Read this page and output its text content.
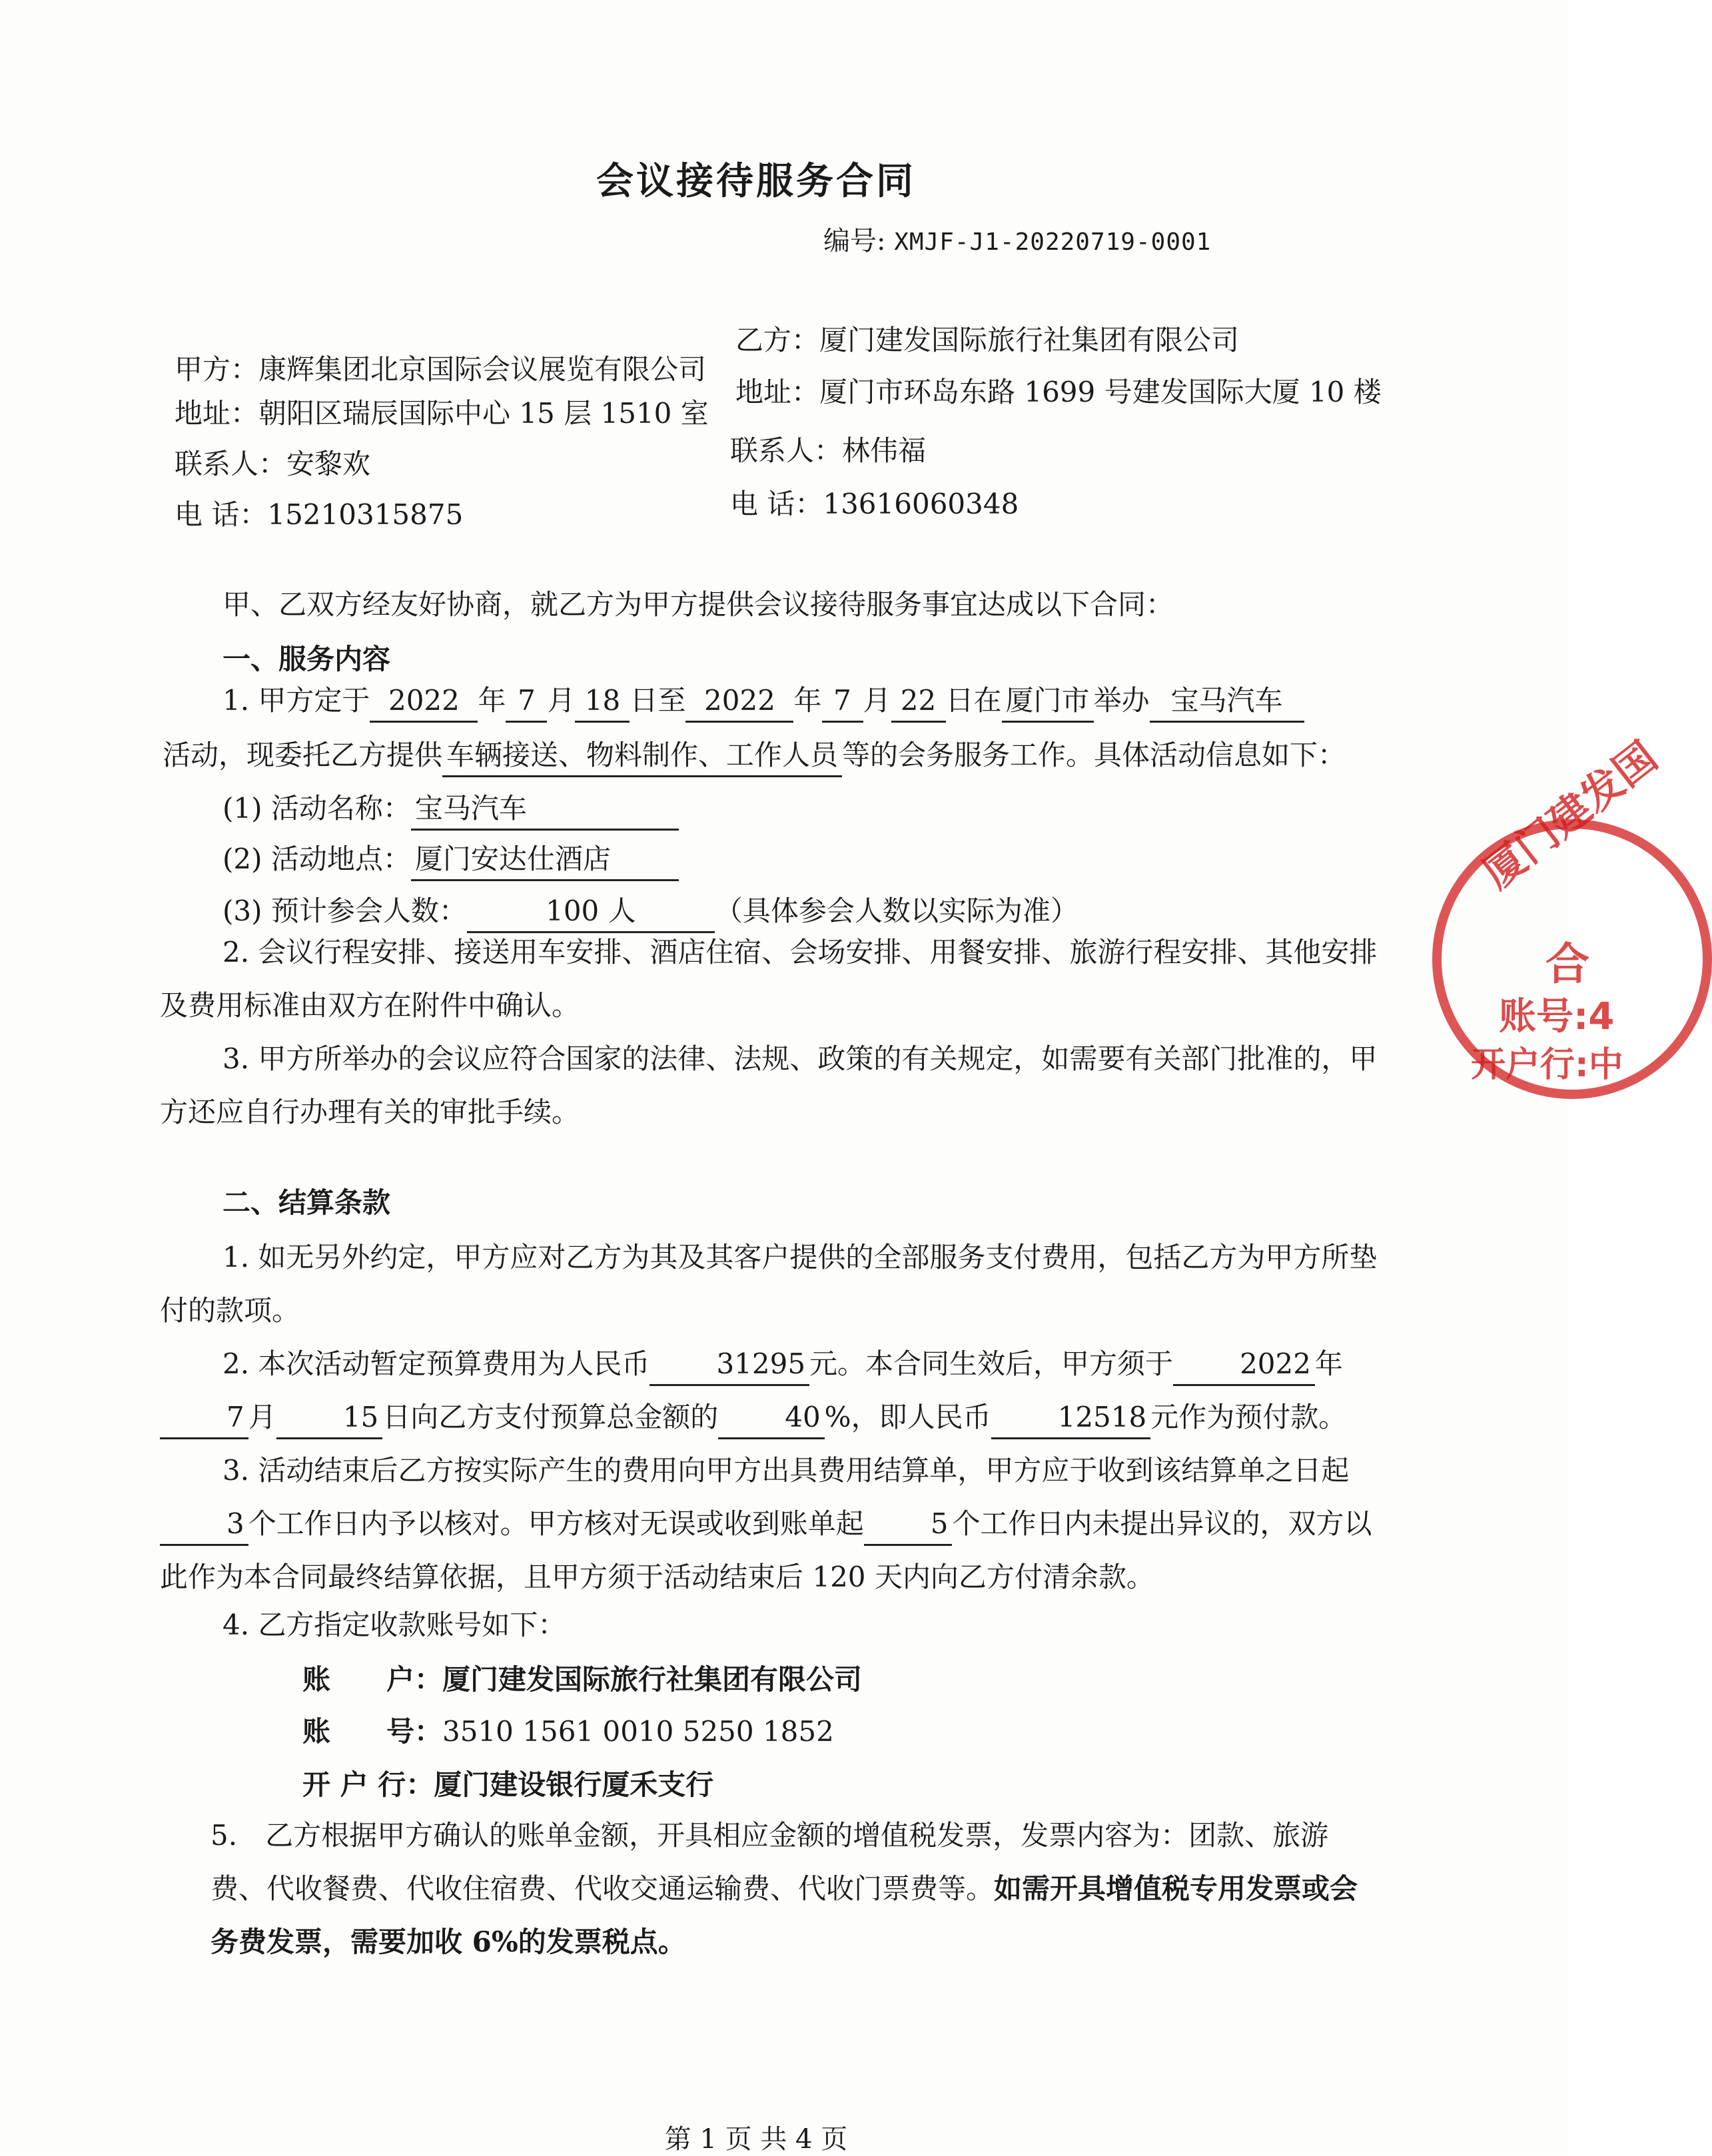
会议接待服务合同
编号: XMJF-J1-20220719-0001
甲方：康辉集团北京国际会议展览有限公司
地址：朝阳区瑞辰国际中心 15 层 1510 室
联系人：安黎欢
电 话：15210315875
乙方：厦门建发国际旅行社集团有限公司
地址：厦门市环岛东路 1699 号建发国际大厦 10 楼
联系人：林伟福
电 话：13616060348
甲、乙双方经友好协商，就乙方为甲方提供会议接待服务事宜达成以下合同：
一、服务内容
1. 甲方定于 2022 年 7 月 18 日至 2022 年 7 月 22 日在 厦门市 举办 宝马汽车
活动，现委托乙方提供 车辆接送、物料制作、工作人员 等的会务服务工作。具体活动信息如下：
(1) 活动名称： 宝马汽车
(2) 活动地点： 厦门安达仕酒店
(3) 预计参会人数：	100 人	（具体参会人数以实际为准）
2. 会议行程安排、接送用车安排、酒店住宿、会场安排、用餐安排、旅游行程安排、其他安排及费用标准由双方在附件中确认。
3. 甲方所举办的会议应符合国家的法律、法规、政策的有关规定，如需要有关部门批准的，甲方还应自行办理有关的审批手续。
二、结算条款
1. 如无另外约定，甲方应对乙方为其及其客户提供的全部服务支付费用，包括乙方为甲方所垫付的款项。
2. 本次活动暂定预算费用为人民币 31295 元。本合同生效后，甲方须于 2022 年7 月 15 日向乙方支付预算总金额的 40 %，即人民币 12518 元作为预付款。
3. 活动结束后乙方按实际产生的费用向甲方出具费用结算单，甲方应于收到该结算单之日起3 个工作日内予以核对。甲方核对无误或收到账单起 5 个工作日内未提出异议的，双方以此作为本合同最终结算依据，且甲方须于活动结束后 120 天内向乙方付清余款。
4. 乙方指定收款账号如下：
账　　户：厦门建发国际旅行社集团有限公司
账　　号：3510 1561 0010 5250 1852
开 户 行：厦门建设银行厦禾支行
5.　乙方根据甲方确认的账单金额，开具相应金额的增值税发票，发票内容为：团款、旅游费、代收餐费、代收住宿费、代收交通运输费、代收门票费等。如需开具增值税专用发票或会务费发票，需要加收 6%的发票税点。
第 1 页 共 4 页
厦门建发国
合
账号:4
开户行:中
